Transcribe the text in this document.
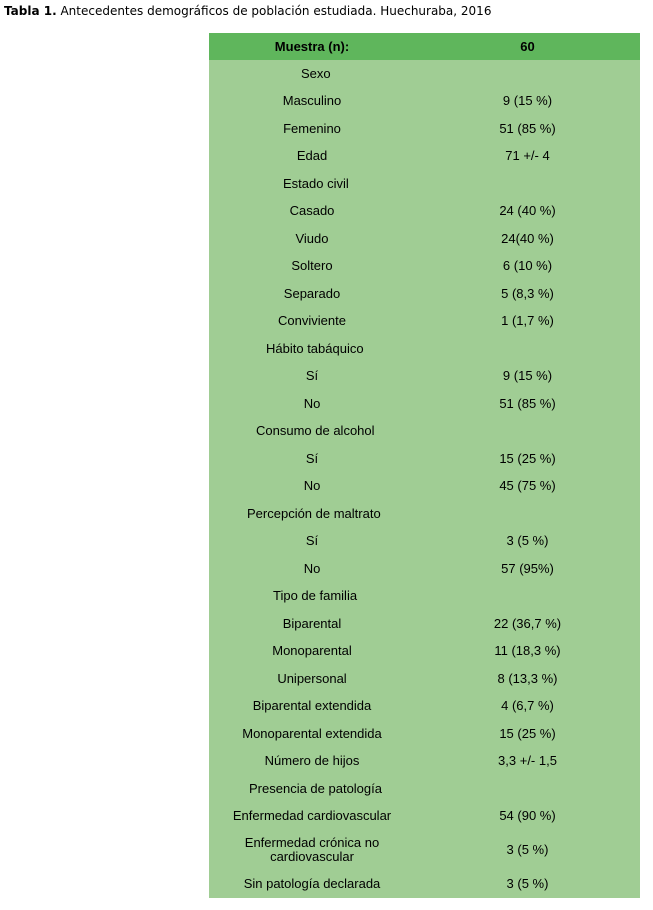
Tabla 1. Antecedentes demográficos de población estudiada. Huechuraba, 2016
Muestra (n):	60
Sexo	
Masculino	9 (15 %)
Femenino	51 (85 %)
Edad	71 +/- 4
Estado civil	
Casado	24 (40 %)
Viudo	24(40 %)
Soltero	6 (10 %)
Separado	5 (8,3 %)
Conviviente	1 (1,7 %)
Hábito tabáquico	
Sí	9 (15 %)
No	51 (85 %)
Consumo de alcohol	
Sí	15 (25 %)
No	45 (75 %)
Percepción de maltrato	
Sí	3 (5 %)
No	57 (95%)
Tipo de familia	
Biparental	22 (36,7 %)
Monoparental	11 (18,3 %)
Unipersonal	8 (13,3 %)
Biparental extendida	4 (6,7 %)
Monoparental extendida	15 (25 %)
Número de hijos	3,3 +/- 1,5
Presencia de patología	
Enfermedad cardiovascular	54 (90 %)
Enfermedad crónica no cardiovascular	3 (5 %)
Sin patología declarada	3 (5 %)
